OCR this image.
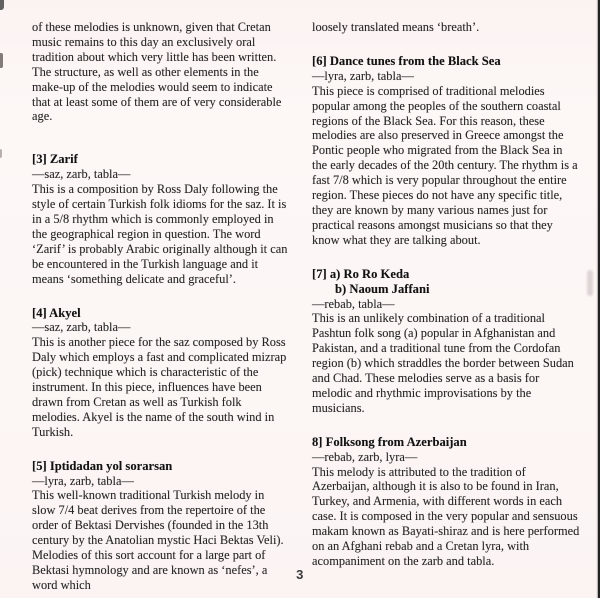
of these melodies is unknown, given that Cretan music remains to this day an exclusively oral tradition about which very little has been written. The structure, as well as other elements in the make-up of the melodies would seem to indicate that at least some of them are of very considerable age.

[3] Zarif

—saz, zarb, tabla—

This is a composition by Ross Daly following the style of certain Turkish folk idioms for the saz. It is in a 5/8 rhythm which is commonly employed in the geographical region in question. The word ‘Zarif’ is probably Arabic originally although it can be encountered in the Turkish language and it means ‘something delicate and graceful’.

[4] Akyel

—saz, zarb, tabla—

This is another piece for the saz composed by Ross Daly which employs a fast and complicated mizrap (pick) technique which is characteristic of the instrument. In this piece, influences have been drawn from Cretan as well as Turkish folk melodies. Akyel is the name of the south wind in Turkish.

[5] Iptidadan yol sorarsan

—lyra, zarb, tabla—

This well-known traditional Turkish melody in slow 7/4 beat derives from the repertoire of the order of Bektasi Dervishes (founded in the 13th century by the Anatolian mystic Haci Bektas Veli). Melodies of this sort account for a large part of Bektasi hymnology and are known as ‘nefes’, a word which

loosely translated means ‘breath’.

[6] Dance tunes from the Black Sea

—lyra, zarb, tabla—

This piece is comprised of traditional melodies popular among the peoples of the southern coastal regions of the Black Sea. For this reason, these melodies are also preserved in Greece amongst the Pontic people who migrated from the Black Sea in the early decades of the 20th century. The rhythm is a fast 7/8 which is very popular throughout the entire region. These pieces do not have any specific title, they are known by many various names just for practical reasons amongst musicians so that they know what they are talking about.

[7] a) Ro Ro Keda

b) Naoum Jaffani

—rebab, tabla—

This is an unlikely combination of a traditional Pashtun folk song (a) popular in Afghanistan and Pakistan, and a traditional tune from the Cordofan region (b) which straddles the border between Sudan and Chad. These melodies serve as a basis for melodic and rhythmic improvisations by the musicians.

8] Folksong from Azerbaijan

—rebab, zarb, lyra—

This melody is attributed to the tradition of Azerbaijan, although it is also to be found in Iran, Turkey, and Armenia, with different words in each case. It is composed in the very popular and sensuous makam known as Bayati-shiraz and is here performed on an Afghani rebab and a Cretan lyra, with acompaniment on the zarb and tabla.

3
